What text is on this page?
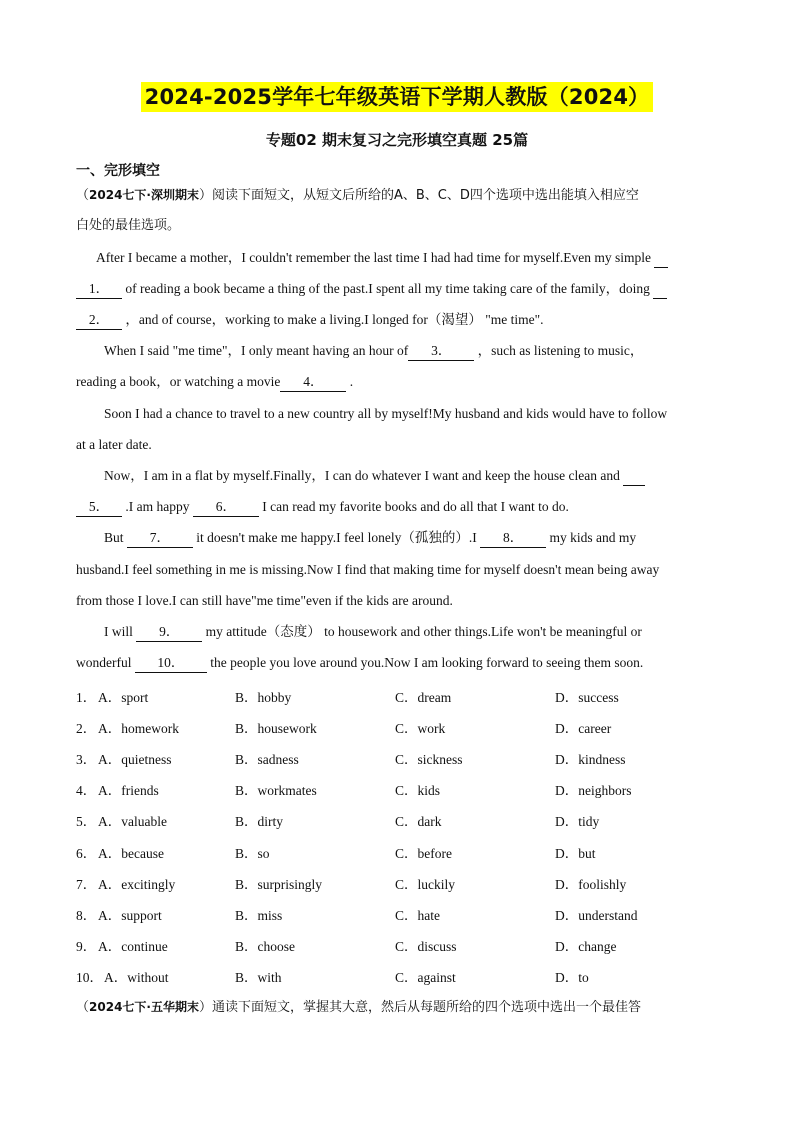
2024-2025学年七年级英语下学期人教版（2024）
专题02 期末复习之完形填空真题 25篇
一、完形填空
（2024七下·深圳期末）阅读下面短文，从短文后所给的A、B、C、D四个选项中选出能填入相应空
白处的最佳选项。
After I became a mother，I couldn't remember the last time I had had time for myself.Even my simple
1． of reading a book became a thing of the past.I spent all my time taking care of the family，doing
2． ，and of course，working to make a living.I longed for（渴望） "me time".
When I said "me time"，I only meant having an hour of 3． ，such as listening to music，
reading a book，or watching a movie 4． .
Soon I had a chance to travel to a new country all by myself!My husband and kids would have to follow
at a later date.
Now，I am in a flat by myself.Finally，I can do whatever I want and keep the house clean and
5． .I am happy 6． I can read my favorite books and do all that I want to do.
But 7． it doesn't make me happy.I feel lonely（孤独的）.I 8． my kids and my
husband.I feel something in me is missing.Now I find that making time for myself doesn't mean being away
from those I love.I can still have"me time"even if the kids are around.
I will 9． my attitude（态度） to housework and other things.Life won't be meaningful or
wonderful 10． the people you love around you.Now I am looking forward to seeing them soon.
1． A．sport	B．hobby	C．dream	D．success
2． A．homework	B．housework	C．work	D．career
3． A．quietness	B．sadness	C．sickness	D．kindness
4． A．friends	B．workmates	C．kids	D．neighbors
5． A．valuable	B．dirty	C．dark	D．tidy
6． A．because	B．so	C．before	D．but
7． A．excitingly	B．surprisingly	C．luckily	D．foolishly
8． A．support	B．miss	C．hate	D．understand
9． A．continue	B．choose	C．discuss	D．change
10． A．without	B．with	C．against	D．to
（2024七下·五华期末）通读下面短文，掌握其大意，然后从每题所给的四个选项中选出一个最佳答
